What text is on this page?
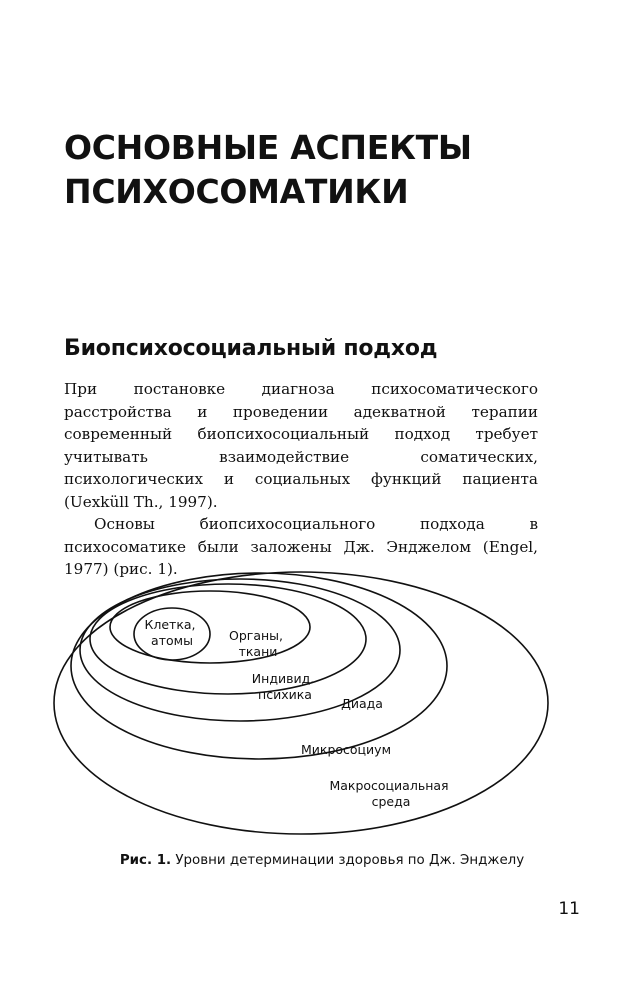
ОСНОВНЫЕ АСПЕКТЫ
ПСИХОСОМАТИКИ
Биопсихосоциальный подход

При постановке диагноза психосоматического расстройства и проведении адекватной терапии современный биопсихосоциальный подход требует учитывать взаимодействие соматических, психологических и социальных функций пациента (Uexküll Th., 1997).

Основы биопсихосоциального подхода в психосоматике были заложены Дж. Энджелом (Engel, 1977) (рис. 1).

Клетка, атомы	Органы, ткани
Индивид. психика
Диада
Микросоциум
Макросоциальная среда
Рис. 1. Уровни детерминации здоровья по Дж. Энджелу
11
